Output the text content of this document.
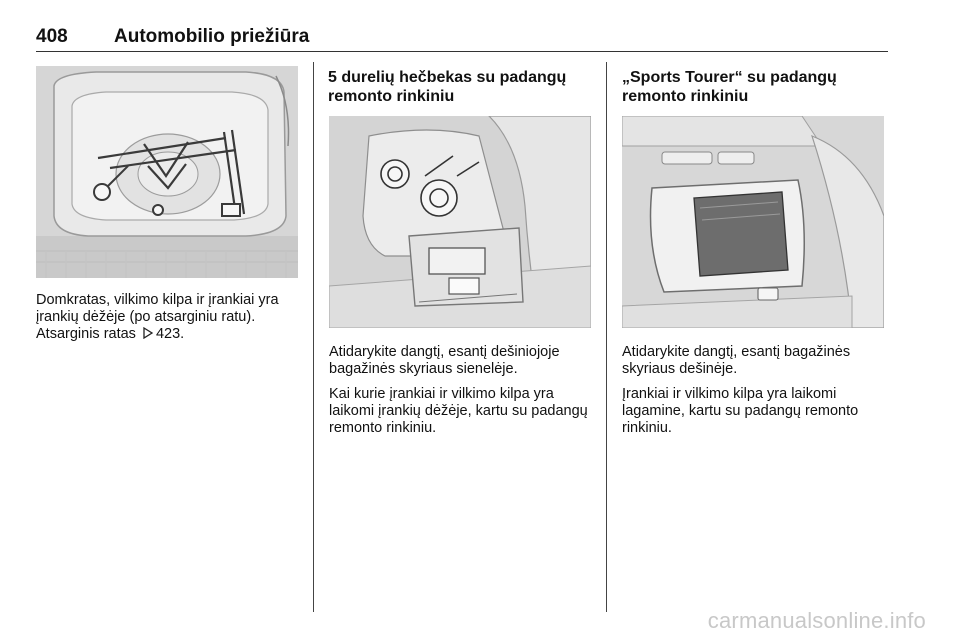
408 Automobilio priežiūra

Domkratas, vilkimo kilpa ir įrankiai yra įrankių dėžėje (po atsarginiu ratu).

Atsarginis ratas 423.

5 durelių hečbekas su padangų remonto rinkiniu

Atidarykite dangtį, esantį dešiniojoje bagažinės skyriaus sienelėje.

Kai kurie įrankiai ir vilkimo kilpa yra laikomi įrankių dėžėje, kartu su padangų remonto rinkiniu.

„Sports Tourer“ su padangų remonto rinkiniu

Atidarykite dangtį, esantį bagažinės skyriaus dešinėje.

Įrankiai ir vilkimo kilpa yra laikomi lagamine, kartu su padangų remonto rinkiniu.

carmanualsonline.info
